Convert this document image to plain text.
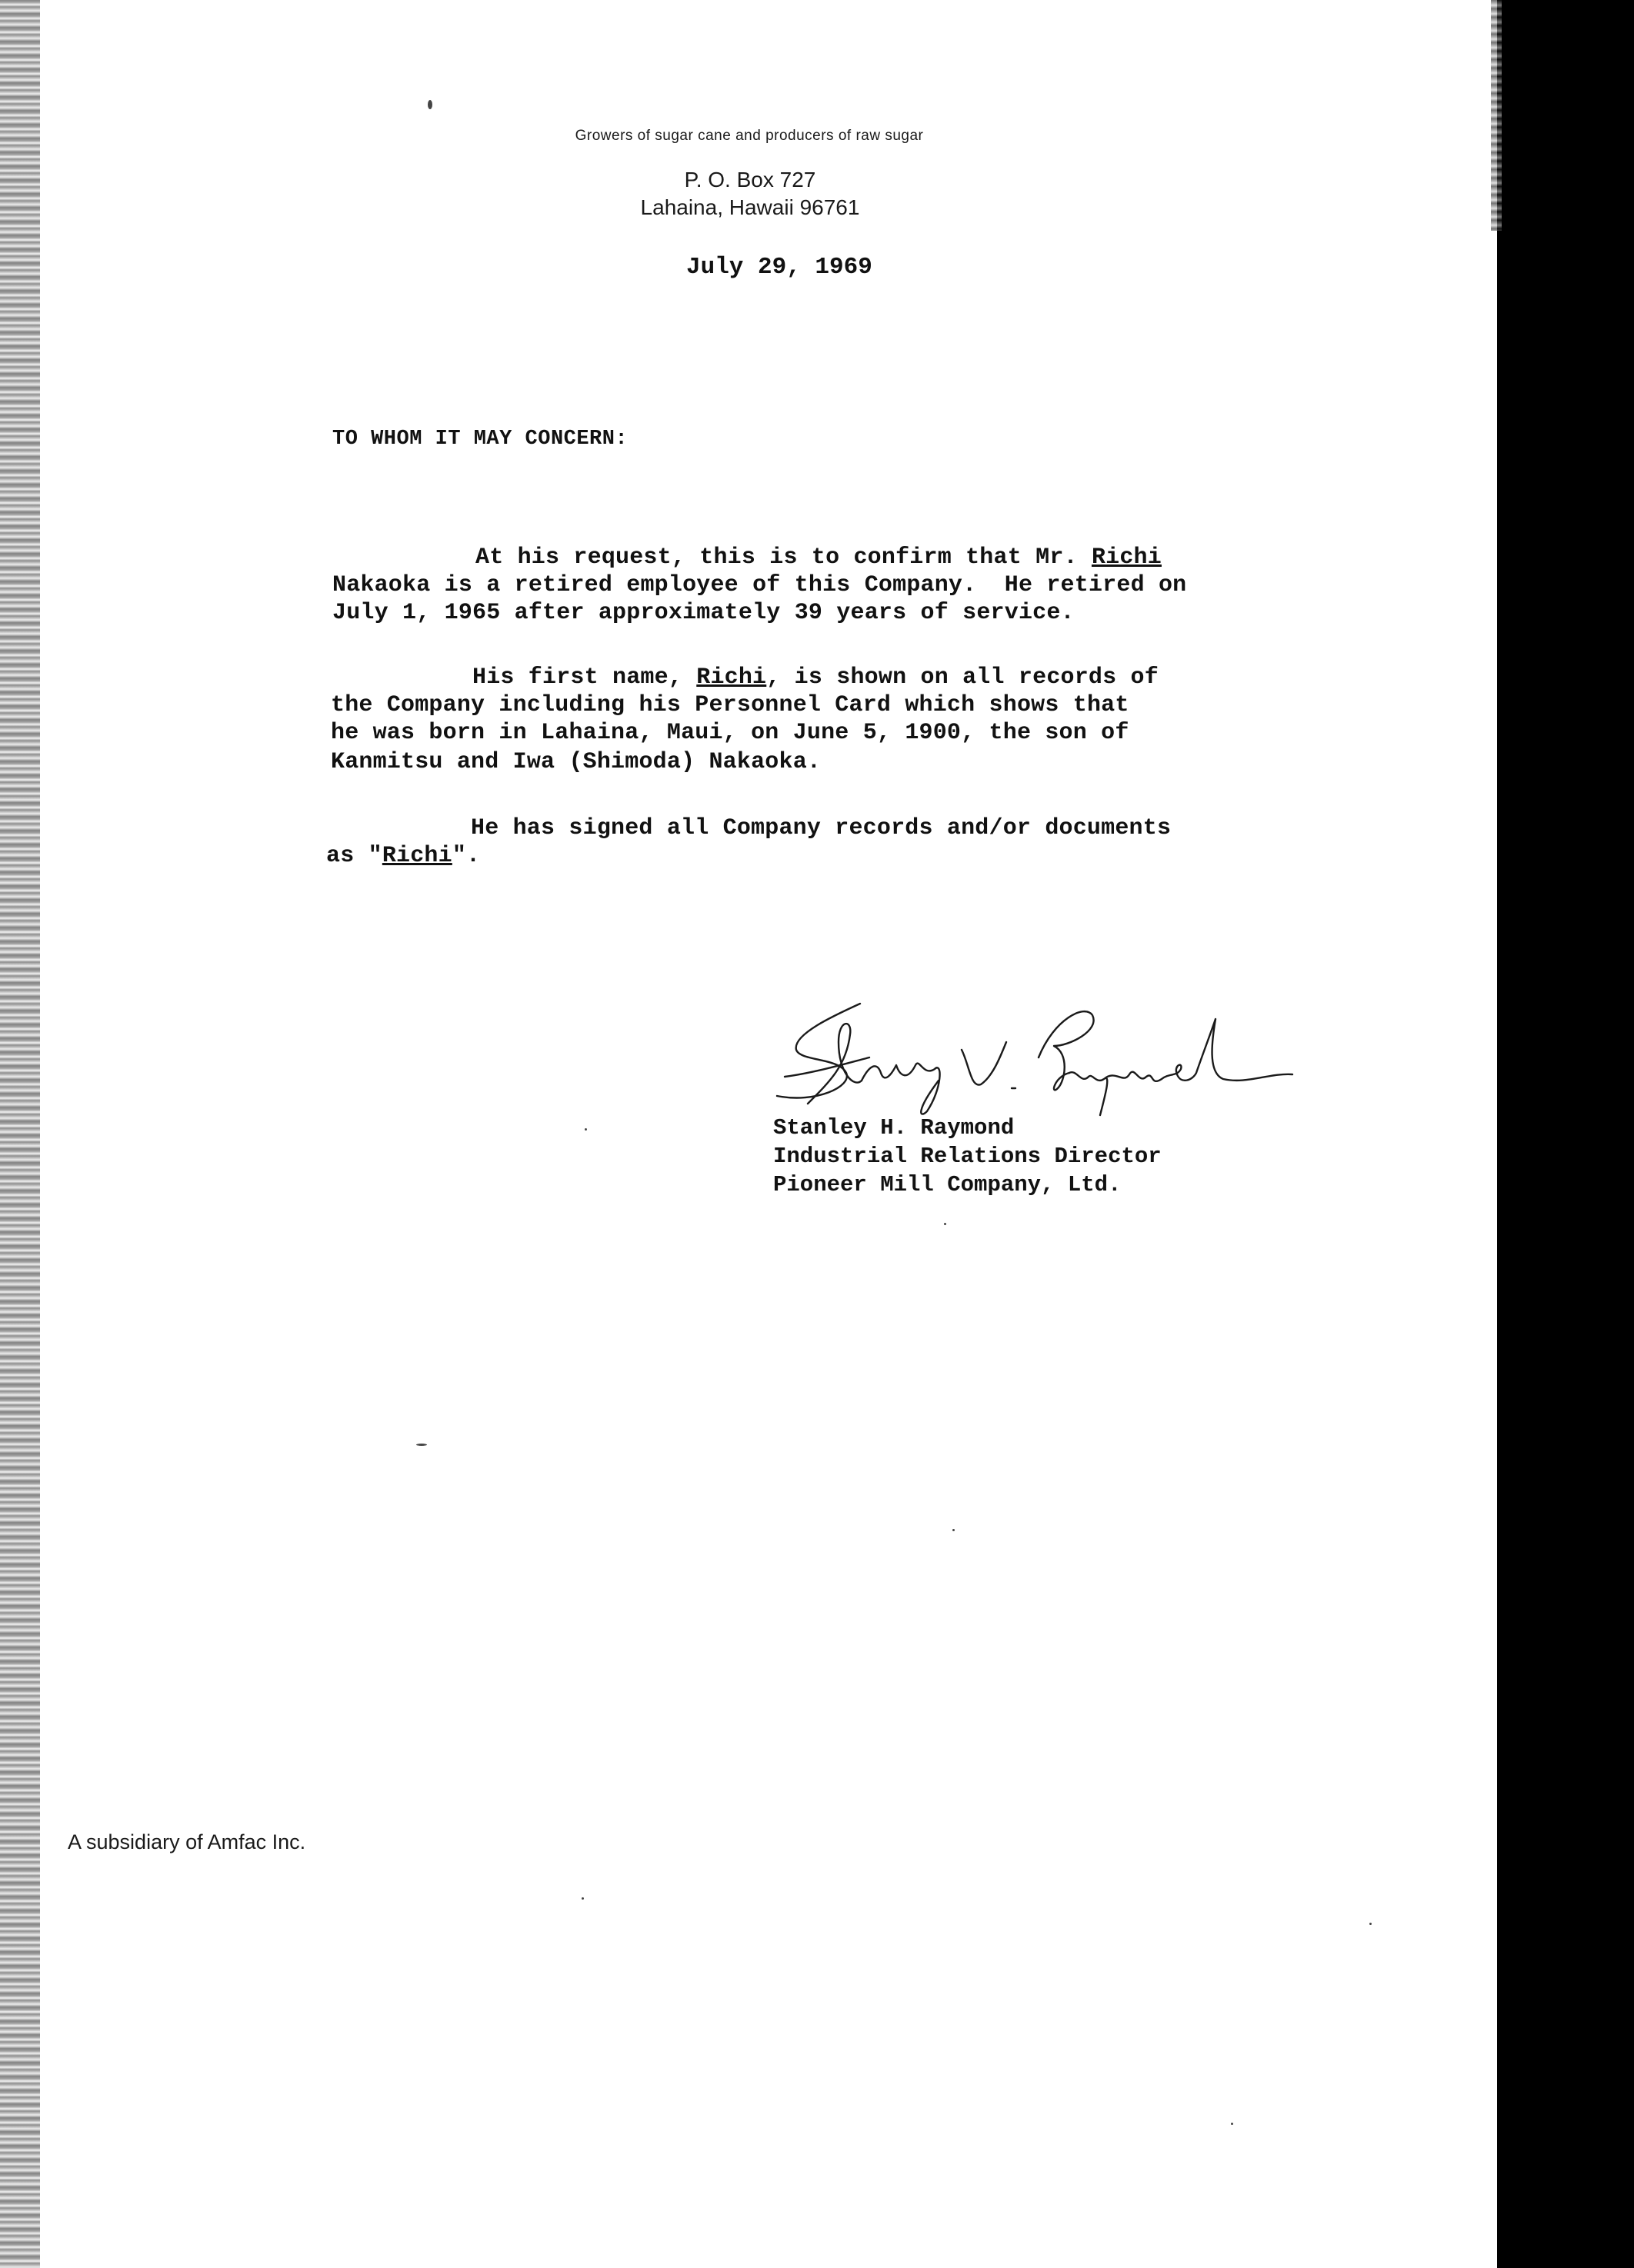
Growers of sugar cane and producers of raw sugar
P. O. Box 727
Lahaina, Hawaii 96761
July 29, 1969
TO WHOM IT MAY CONCERN:
At his request, this is to confirm that Mr. Richi
Nakaoka is a retired employee of this Company.  He retired on
July 1, 1965 after approximately 39 years of service.
His first name, Richi, is shown on all records of
the Company including his Personnel Card which shows that
he was born in Lahaina, Maui, on June 5, 1900, the son of
Kanmitsu and Iwa (Shimoda) Nakaoka.
He has signed all Company records and/or documents
as "Richi".
Stanley H. Raymond
Industrial Relations Director
Pioneer Mill Company, Ltd.
A subsidiary of Amfac Inc.
